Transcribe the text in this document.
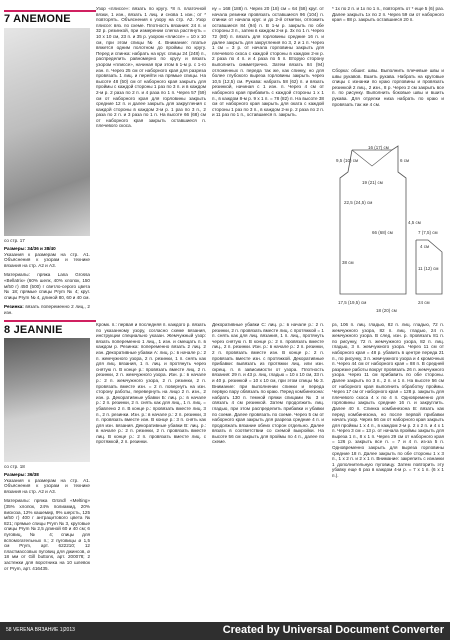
7 ANEMONE
со стр. 17
Размеры: 34/36 и 38/40
Указания к размерам на стр. А1. Объяснения к узорам и технике вязания на стр. А2 и А3.
Материалы: пряжа Lana Grossa «Bellatrix» (60% шелк, 40% хлопок, 150 м/50 г) 450 (500) г светло-серого цвета № 18; прямые спицы Prym № 4; круг. спицы Prym № 4, длиной 80, 60 и 40 см.
Резинка: вязать попеременно 2 лиц., 2 изн.
Узор «плиссе»: вязать по кругу. *8 п. платочной вязки, 1 изн., вязать 1 лиц. и снова 1 изн.; от * повторять. Объяснения к узору на стр. А2. Узор плиссе: вяз. по схеме. Плотность вязания: 24 п. и 32 р. резинкой, при измерении слегка растянуть = 10 х 10 см, 23 п. и 35 р. узором «плиссе» = 10 х 10 см, при этом спицы № 4. Внимание: платье вяжется одним полотном до проймы по кругу. Перед и спинка: набрать на круг. спицы 24 (248) п., распределить равномерно по кругу и вязать узором «плиссе», начиная при этом в 1-м р. с 1-го изн. п. Через 25 см от наборного края для разреза провязать 1 лиц. и перейти на прямые спицы. На высоте 48 (50) см от наборного края закрыть для проймы с каждой стороны 1 раз по 3 п. и в каждом 2-м р. 2 раза по 2 п. и 4 раза по 1 п. Через 57 (59) см от наборного края для горловины закрыть средние 12 п. и далее закрыть для закругления с каждой стороны в каждом 2-м р. 1 раз по 3 п., 2 раза по 2 п. и 3 раза по 1 п. На высоте 66 (68) см от наборного края закрыть оставшиеся п. плечевого скоса.
ну = 168 (188) п. Через 20 (18) см = 64 (58) круг. от начала резинки провязать оставшиеся 96 (104) п. спинки от начала круг. и до 2-й отметки, отложить оставшиеся 84 (94) п. В 1-м р. закрыть по обе стороны 3 п., затем в каждом 2-м р. 3х по 1 п. Через 72 (80) п. вязать для горловины средние 16 п. и далее закрыть для закругления по 3, 2 и 1 п. Через 1 см = 3 р. от начала горловины закрыть для плечевого скоса с каждой стороны в каждом 2-м р. 2 раза по 4 п. и 4 раза по 5 п. Вторую сторону выполнить симметрично. Затем вязать 84 (94) отложенных п. переда так же, как спинку, но для более глубокого выреза горловины закрыть через 10,5 (12,5) см. Рукава: набрать 58 (62) п. и вязать резинкой, начиная с 1 изн. п. Через 4 см от наборного края прибавить с каждой стороны 1 х 1 п., в каждом 8-м р. 9 х 1 п. = 78 (82) п. На высоте 38 см от наборного края закрыть для оката с каждой стороны 1 раз по 3 п., в каждом 2-м р. 2 раза по 2 п. и 11 раз по 1 п., оставшиеся п. закрыть.
* 1х по 2 п. и 1х по 1 п., повторять от * еще 5 (6) раз. Далее закрыть 1х по 2 п. Через 59 см от наборного края = 88 р. закрыть оставшиеся 20 п.
Сборка: обшит. швы. Выполнить плечевые швы и швы рукавов. Вшить рукава. Набрать на круговые спицы с изнанки по краю горловины и провязать резинкой 2 лиц., 2 изн., 8 р. Через 2 см закрыть все п. по рисунку. Выполнить боковые швы и вшить рукава. Для отделки низа набрать по краю и провязать так же 4 см.
9,5 (10) см
16 (17) см
6 см
19 (21) см
22,5 (24,5) см
66 (68) см
38 см
17,5 (19,5) см
18 (20) см
4 см
7 (7,5) см
11 (12) см
24 см
4,5 см
8 JEANNIE
со стр. 18
Размеры: 36/38
Указания к размерам на стр. А1. Объяснения к узорам и технике вязания на стр. А2 и А3.
Материалы: пряжа Gründl «Melting» (35% хлопок, 24% полиамид, 20% вискоза, 12% кашемир, 9% шерсть, 125 м/50 г) 400 г антрацитового цвета № 821; прямые спицы Prym № 3, круговые спицы Prym № 2,5 длиной 60 и 40 см; 6 пуговиц, № 4; спицы для вспомогательных п.; 2 пуговицы ø 1,5 см Prym, арт. 622210; 12 пластмассовых пуговиц для джинсов, ø 18 мм от Gill buttons, арт. 200078; 2 застежки для воротника на 10 шлевок от Prym, арт. 416435.
Кромк. п.: первая и последняя п. каждого р. вязать по указанному узору, согласно схеме вязания, инструкции специально указан. Жемчужный узор: вязать попеременно 1 лиц., 1 изн. и смещать п. в каждом р. Резинка: попеременно вязать 2 лиц. 2 изн. Декоративные убавки А: лиц. р.: в начале р.: 2 п. жемчужного узора, 2 п. резинки, 1 п. снять как для лиц. вязания, 1 п. лиц. и протянуть через снятую п. В конце р.: провязать вместе лиц. 2 п. резинки, 2 п. жемчужного узора. Изн. р.: в начале р.: 2 п. жемчужного узора, 2 п. резинки, 2 п. провязать вместе изн. = 2 п. повернуть на изн. сторону работы, перевернуть на лицо 2 п. изн., 2 изн. р. Декоративные убавки Б: лиц. р.: в начале р.: 2 п. резинки, 2 п. снять как для лиц., 1 п. лиц. = убавлено 2 п. В конце р.: провязать вместе лиц. 3 п., 2 п. резинки. Изн. р.: в начале р.: 2 п. резинки, 3 п. провязать вместе изн. В конце р.: 3 п. снять как для изн. вязания. Декоративные убавки В: лиц. р.: в начале р.: 2 п. резинки, 2 п. провязать вместе лиц. В конце р.: 2 п. провязать вместе лиц. с протяжкой, 2 п. резинки.
Декоративные убавки С: лиц. р.: в начале р.: 2 п. резинки, 2 п. провязать вместе лиц. с протяжкой = 1 п. снять как для лиц. вязания, 1 п. лиц., протянуть через снятую п. В конце р.: 2 п. провязать вместе лиц., 2 п. резинки. Изн. р.: в начале р.: 2 п. резинки, 2 п. провязать вместе изн. В конце р.: 2 п. провязать вместе изн. с протяжкой. Декоративные прибавки: вывязать из протяжки лиц. или изн. скрещ. п. в зависимости от узора. Плотность вязания: 29 п. и 43 р. лиц. гладью = 10 х 10 см, 33 п. и 40 р. резинкой = 10 х 10 см, при этом спицы № 3. Внимание: при выполнении спинки и переда первую пару обвязать по краю. Перед комбинезона: набрать 130 п. темной пряжи спицами № 3 и связать 4 см резинкой. Затем продолжить лиц. гладью, при этом распределить прибавки и убавки по схеме. Далее провязать по схеме. Через 5 см от наборного края закрыть для разреза средние 4 п. и продолжать вязание обеих сторон отдельно. Далее вязать в соответствии со схемой выкройки. На высоте 56 см закрыть для проймы по 4 п., далее по схеме.
рз, 106 п. лиц. гладью, 82 п. лиц. гладью, 72 п. жемчужного узора, 82 п. лиц. гладью, 24 п. жемчужного узора. В след. изн. р. провязать 81 п. по рисунку, 72 п. жемчужного узора, 82 п. лиц. гладью, 3 п. жемчужного узора. Через 11 см от наборного края = 48 р. убавить в центре переда 21 п., по рисунку, 3 п. жемчужного узора и 4 кромочных п. Через 44 см от наборного края = 88 п. В средней разрезке работы вокруг провязать 26 п. жемчужного узора. Через 11 см прибавить по обе стороны. Далее закрыть по 3 п., 2 п. и 1 п. На высоте 56 см от наборного края выполнить обработку проймы. Через 17 см от наборного края = 128 р. закрыть для плечевого скоса 4 х по 4 п. Одновременно для горловины закрыть средние 16 п. и закруглить. Далее 40 п. Спинка комбинезона В: вязать как перед комбинезона, но после первой прибавки начать узор. Через 56 см от наборного края закрыть для проймы 1 х 4 п., в каждом 2-м р. 2 х 2 п. и 4 х 1 п. Через 3 см = 13 р. от начала проймы закрыть для выреза 1 п., 8 х 1 п. Через 29 см от наборного края = 126 р. закрыть все п. = 7 и 4 п. из-за 5 п. Одновременно закрыть для выреза горловины средние 18 п. Далее закрыть по обе стороны 1 х 3 п., 1 х 2 п. и 2 х 1 п. Внимание: закрепить с изнанки 1 дополнительную пуговицу. Затем повторить эту убавку еще 6 раз в каждом 4-м р. = 7 х 1 п. (6 х 1 п.).
58 VERENA ВЯЗАНИЕ 1|2013	Created by Universal Document Converter
